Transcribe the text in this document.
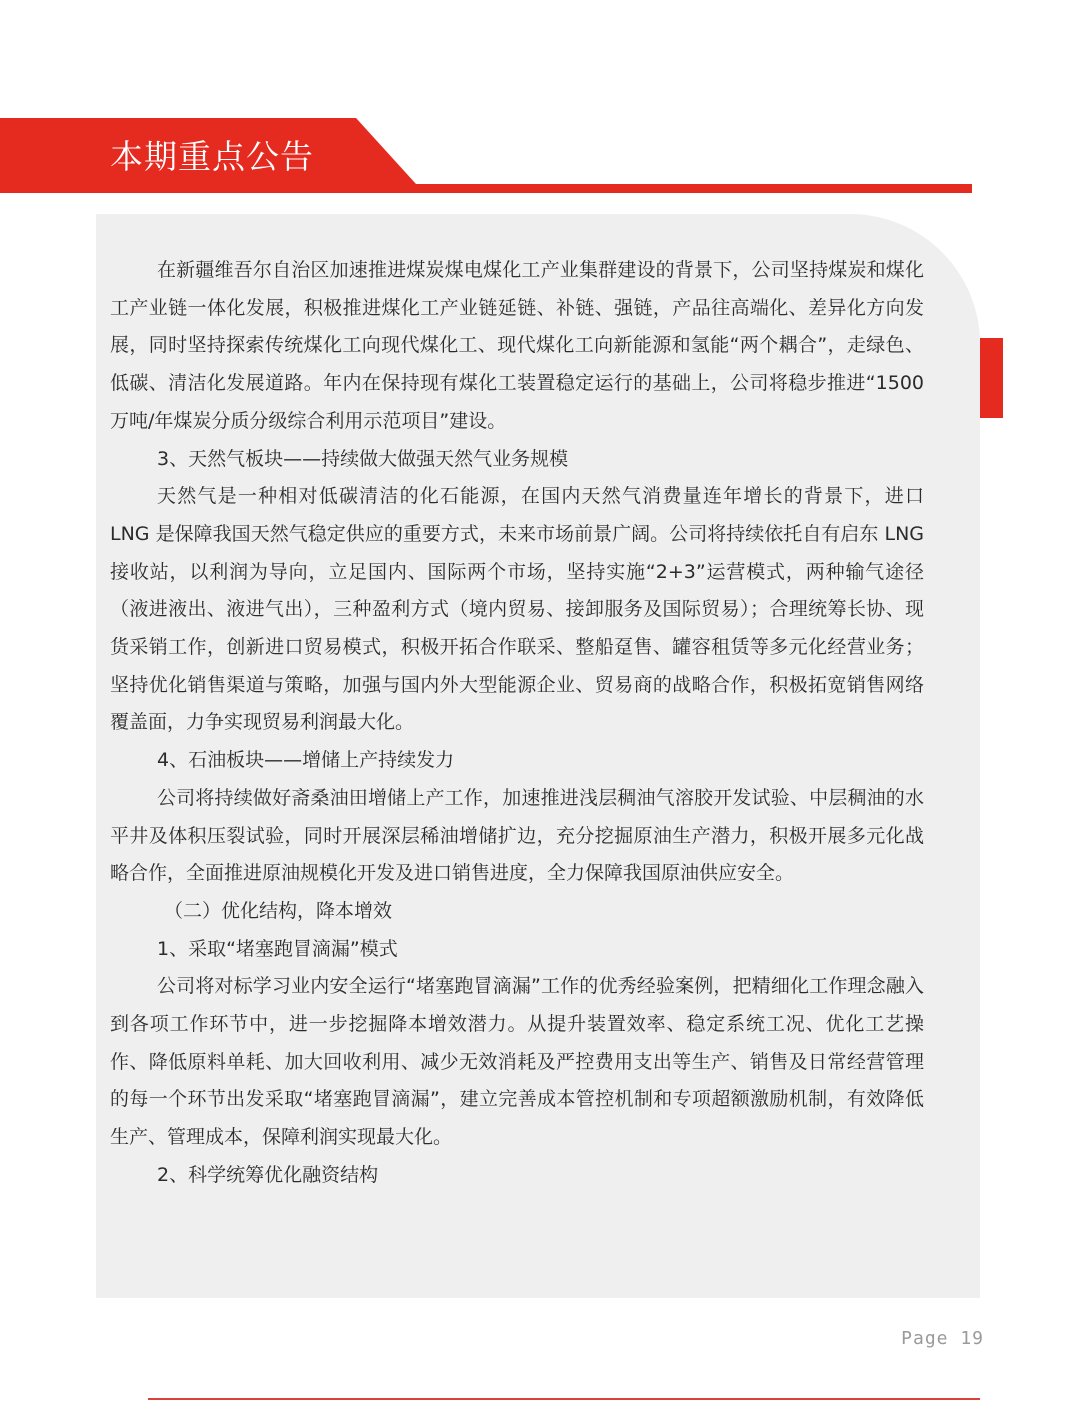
本期重点公告

在新疆维吾尔自治区加速推进煤炭煤电煤化工产业集群建设的背景下，公司坚持煤炭和煤化工产业链一体化发展，积极推进煤化工产业链延链、补链、强链，产品往高端化、差异化方向发展，同时坚持探索传统煤化工向现代煤化工、现代煤化工向新能源和氢能“两个耦合”，走绿色、低碳、清洁化发展道路。年内在保持现有煤化工装置稳定运行的基础上，公司将稳步推进“1500 万吨/年煤炭分质分级综合利用示范项目”建设。

3、天然气板块——持续做大做强天然气业务规模

天然气是一种相对低碳清洁的化石能源，在国内天然气消费量连年增长的背景下，进口 LNG 是保障我国天然气稳定供应的重要方式，未来市场前景广阔。公司将持续依托自有启东 LNG 接收站，以利润为导向，立足国内、国际两个市场，坚持实施“2+3”运营模式，两种输气途径（液进液出、液进气出），三种盈利方式（境内贸易、接卸服务及国际贸易）；合理统筹长协、现货采销工作，创新进口贸易模式，积极开拓合作联采、整船趸售、罐容租赁等多元化经营业务；坚持优化销售渠道与策略，加强与国内外大型能源企业、贸易商的战略合作，积极拓宽销售网络覆盖面，力争实现贸易利润最大化。

4、石油板块——增储上产持续发力

公司将持续做好斋桑油田增储上产工作，加速推进浅层稠油气溶胶开发试验、中层稠油的水平井及体积压裂试验，同时开展深层稀油增储扩边，充分挖掘原油生产潜力，积极开展多元化战略合作，全面推进原油规模化开发及进口销售进度，全力保障我国原油供应安全。

（二）优化结构，降本增效

1、采取“堵塞跑冒滴漏”模式

公司将对标学习业内安全运行“堵塞跑冒滴漏”工作的优秀经验案例，把精细化工作理念融入到各项工作环节中，进一步挖掘降本增效潜力。从提升装置效率、稳定系统工况、优化工艺操作、降低原料单耗、加大回收利用、减少无效消耗及严控费用支出等生产、销售及日常经营管理的每一个环节出发采取“堵塞跑冒滴漏”，建立完善成本管控机制和专项超额激励机制，有效降低生产、管理成本，保障利润实现最大化。

2、科学统筹优化融资结构

Page 19
